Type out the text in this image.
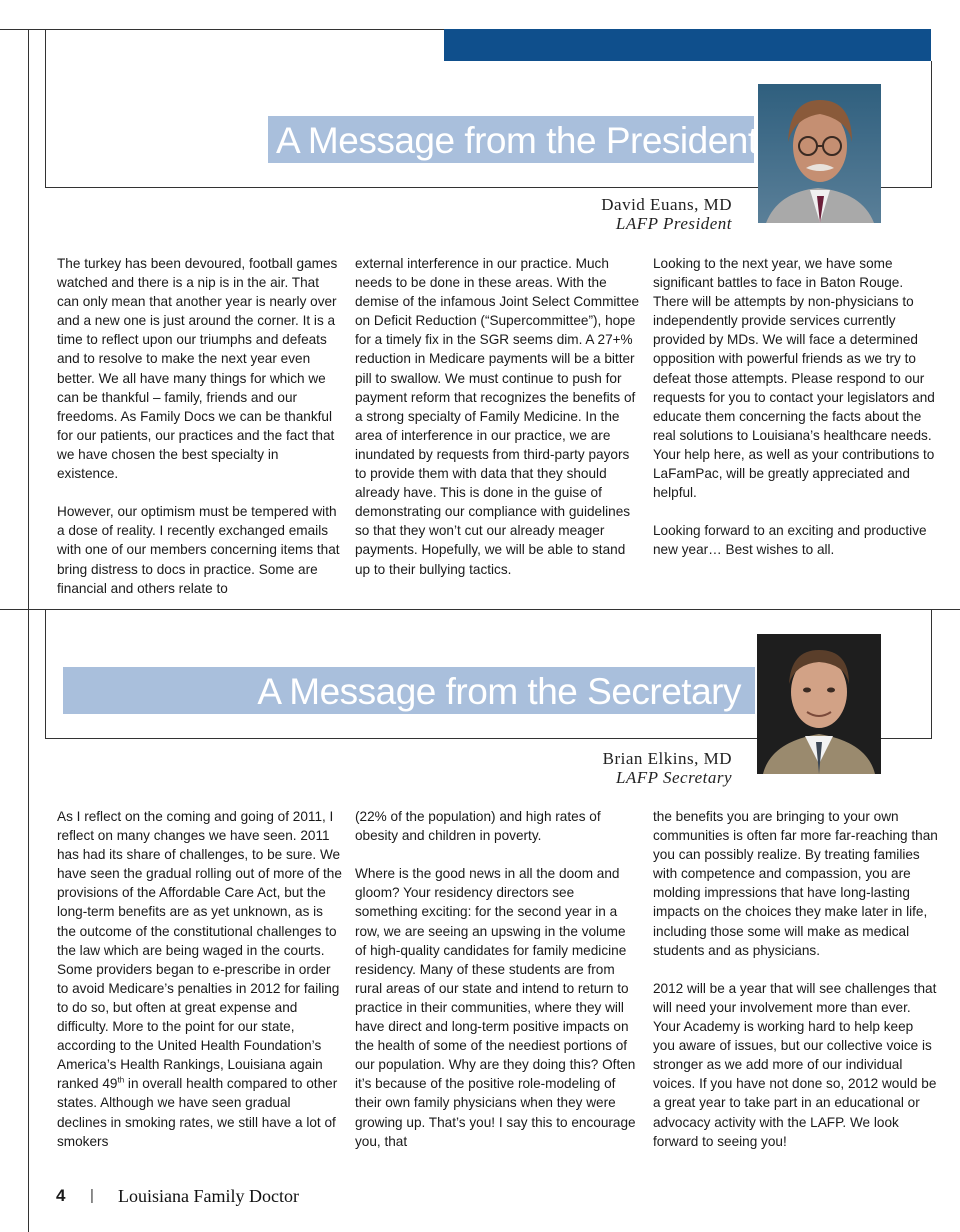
A Message from the President
David Euans, MD
LAFP President

The turkey has been devoured, football games watched and there is a nip is in the air. That can only mean that another year is nearly over and a new one is just around the corner. It is a time to reflect upon our triumphs and defeats and to resolve to make the next year even better. We all have many things for which we can be thankful – family, friends and our freedoms. As Family Docs we can be thankful for our patients, our practices and the fact that we have chosen the best specialty in existence.

However, our optimism must be tempered with a dose of reality. I recently exchanged emails with one of our members concerning items that bring distress to docs in practice. Some are financial and others relate to

external interference in our practice. Much needs to be done in these areas. With the demise of the infamous Joint Select Committee on Deficit Reduction (“Supercommittee”), hope for a timely fix in the SGR seems dim. A 27+% reduction in Medicare payments will be a bitter pill to swallow. We must continue to push for payment reform that recognizes the benefits of a strong specialty of Family Medicine. In the area of interference in our practice, we are inundated by requests from third-party payors to provide them with data that they should already have. This is done in the guise of demonstrating our compliance with guidelines so that they won’t cut our already meager payments. Hopefully, we will be able to stand up to their bullying tactics.

Looking to the next year, we have some significant battles to face in Baton Rouge. There will be attempts by non-physicians to independently provide services currently provided by MDs. We will face a determined opposition with powerful friends as we try to defeat those attempts. Please respond to our requests for you to contact your legislators and educate them concerning the facts about the real solutions to Louisiana’s healthcare needs. Your help here, as well as your contributions to LaFamPac, will be greatly appreciated and helpful.

Looking forward to an exciting and productive new year… Best wishes to all.

A Message from the Secretary
Brian Elkins, MD
LAFP Secretary

As I reflect on the coming and going of 2011, I reflect on many changes we have seen. 2011 has had its share of challenges, to be sure. We have seen the gradual rolling out of more of the provisions of the Affordable Care Act, but the long-term benefits are as yet unknown, as is the outcome of the constitutional challenges to the law which are being waged in the courts. Some providers began to e-prescribe in order to avoid Medicare’s penalties in 2012 for failing to do so, but often at great expense and difficulty. More to the point for our state, according to the United Health Foundation’s America’s Health Rankings, Louisiana again ranked 49th in overall health compared to other states. Although we have seen gradual declines in smoking rates, we still have a lot of smokers

(22% of the population) and high rates of obesity and children in poverty.

Where is the good news in all the doom and gloom? Your residency directors see something exciting: for the second year in a row, we are seeing an upswing in the volume of high-quality candidates for family medicine residency. Many of these students are from rural areas of our state and intend to return to practice in their communities, where they will have direct and long-term positive impacts on the health of some of the neediest portions of our population. Why are they doing this? Often it’s because of the positive role-modeling of their own family physicians when they were growing up. That’s you! I say this to encourage you, that

the benefits you are bringing to your own communities is often far more far-reaching than you can possibly realize. By treating families with competence and compassion, you are molding impressions that have long-lasting impacts on the choices they make later in life, including those some will make as medical students and as physicians.

2012 will be a year that will see challenges that will need your involvement more than ever. Your Academy is working hard to help keep you aware of issues, but our collective voice is stronger as we add more of our individual voices. If you have not done so, 2012 would be a great year to take part in an educational or advocacy activity with the LAFP. We look forward to seeing you!

4 | Louisiana Family Doctor
